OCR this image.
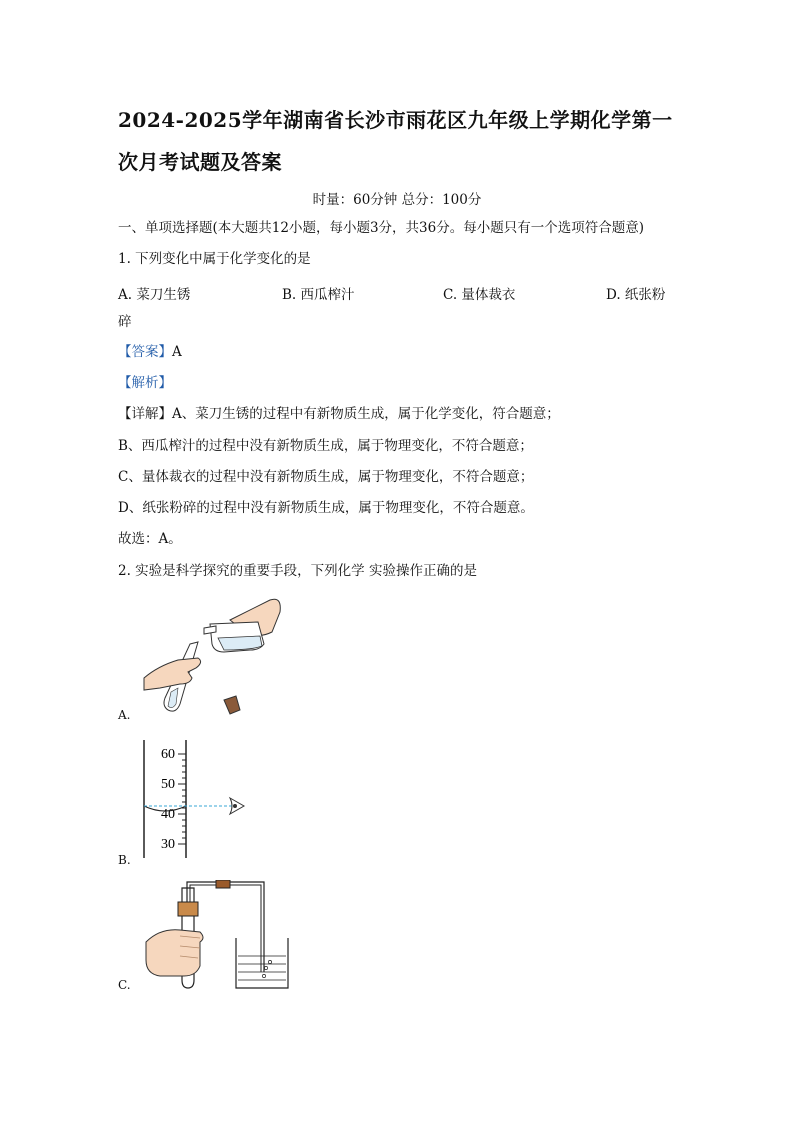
2024-2025学年湖南省长沙市雨花区九年级上学期化学第一
次月考试题及答案
时量：60分钟 总分：100分
一、单项选择题(本大题共12小题，每小题3分，共36分。每小题只有一个选项符合题意)
1. 下列变化中属于化学变化的是
A. 菜刀生锈	B. 西瓜榨汁	C. 量体裁衣	D. 纸张粉
碎
【答案】A
【解析】
【详解】A、菜刀生锈的过程中有新物质生成，属于化学变化，符合题意；
B、西瓜榨汁的过程中没有新物质生成，属于物理变化，不符合题意；
C、量体裁衣的过程中没有新物质生成，属于物理变化，不符合题意；
D、纸张粉碎的过程中没有新物质生成，属于物理变化，不符合题意。
故选：A。
2. 实验是科学探究的重要手段，下列化学 实验操作正确的是
A.
60
50
40
30
B.
C.
